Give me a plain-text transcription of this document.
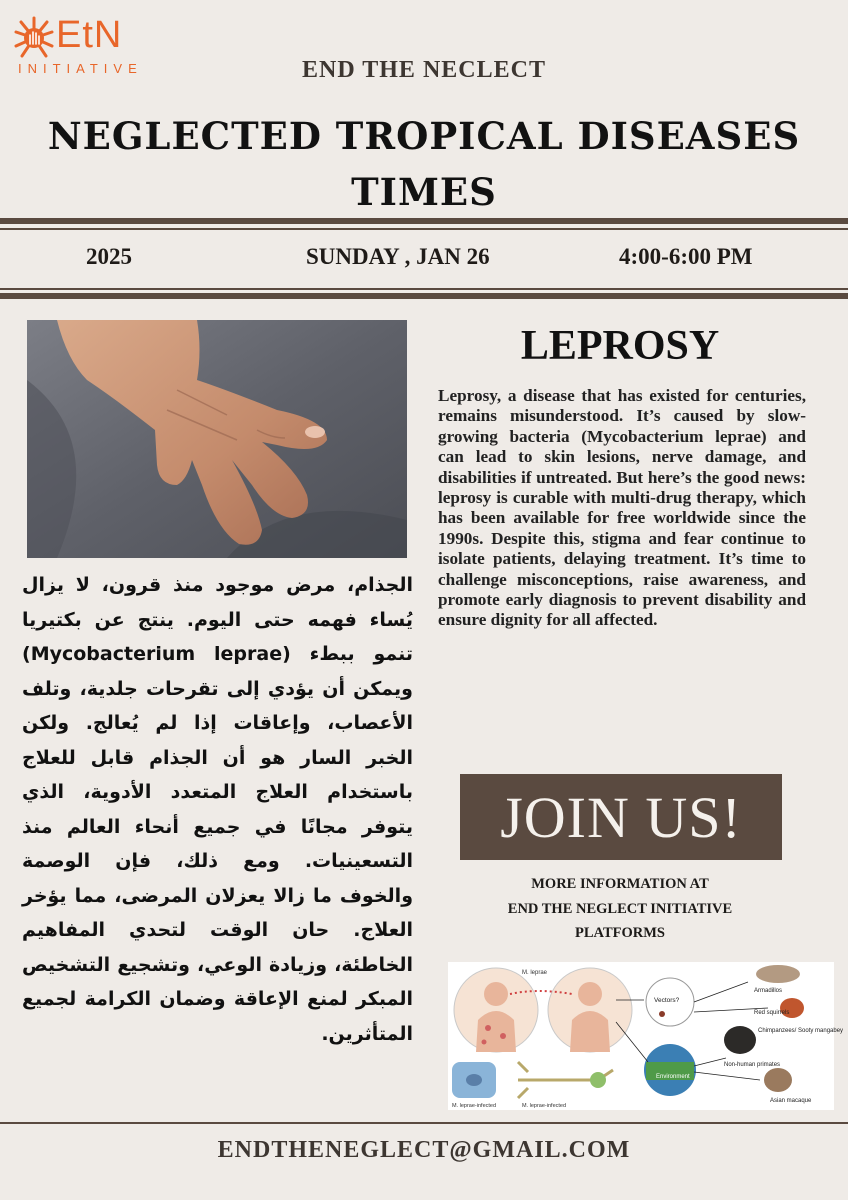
EtN
INITIATIVE	END THE NECLECT
NEGLECTED TROPICAL DISEASES
TIMES
2025	SUNDAY , JAN 26	4:00-6:00 PM
الجذام، مرض موجود منذ قرون، لا يزال يُساء فهمه حتى اليوم. ينتج عن بكتيريا تنمو ببطء (Mycobacterium leprae) ويمكن أن يؤدي إلى تقرحات جلدية، وتلف الأعصاب، وإعاقات إذا لم يُعالج. ولكن الخبر السار هو أن الجذام قابل للعلاج باستخدام العلاج المتعدد الأدوية، الذي يتوفر مجانًا في جميع أنحاء العالم منذ التسعينيات. ومع ذلك، فإن الوصمة والخوف ما زالا يعزلان المرضى، مما يؤخر العلاج. حان الوقت لتحدي المفاهيم الخاطئة، وزيادة الوعي، وتشجيع التشخيص المبكر لمنع الإعاقة وضمان الكرامة لجميع المتأثرين.
LEPROSY
Leprosy, a disease that has existed for centuries, remains misunderstood. It’s caused by slow-growing bacteria (Mycobacterium leprae) and can lead to skin lesions, nerve damage, and disabilities if untreated. But here’s the good news: leprosy is curable with multi-drug therapy, which has been available for free worldwide since the 1990s. Despite this, stigma and fear continue to isolate patients, delaying treatment. It’s time to challenge misconceptions, raise awareness, and promote early diagnosis to prevent disability and ensure dignity for all affected.
JOIN US!
MORE INFORMATION AT
END THE NEGLECT INITIATIVE
PLATFORMS
M. leprae
Vectors?
Environment
M. leprae-infected	M. leprae-infected
Armadillos
Red squirrels
Chimpanzees/ Sooty mangabey
Non-human primates
Asian macaque
ENDTHENEGLECT@GMAIL.COM
